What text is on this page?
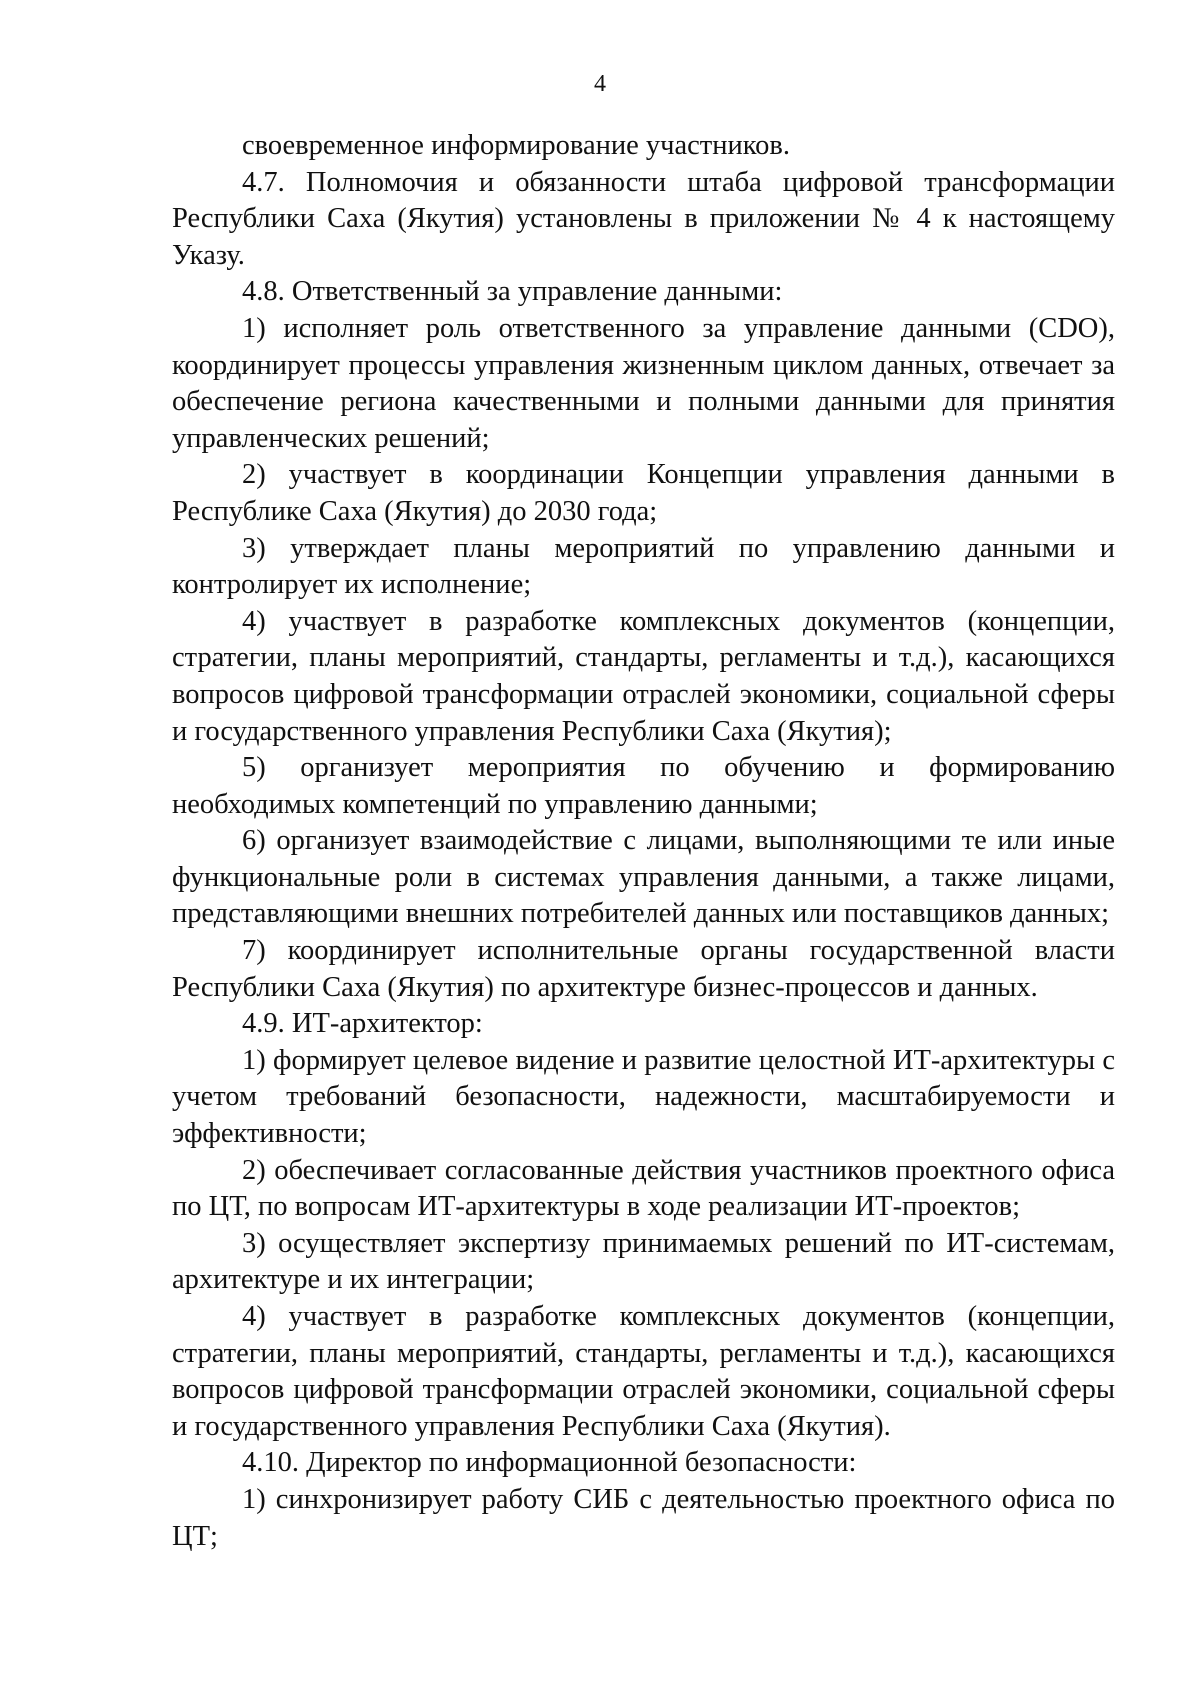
4

своевременное информирование участников.

4.7. Полномочия и обязанности штаба цифровой трансформации Республики Саха (Якутия) установлены в приложении № 4 к настоящему Указу.

4.8. Ответственный за управление данными:

1) исполняет роль ответственного за управление данными (CDO), координирует процессы управления жизненным циклом данных, отвечает за обеспечение региона качественными и полными данными для принятия управленческих решений;

2) участвует в координации Концепции управления данными в Республике Саха (Якутия) до 2030 года;

3) утверждает планы мероприятий по управлению данными и контролирует их исполнение;

4) участвует в разработке комплексных документов (концепции, стратегии, планы мероприятий, стандарты, регламенты и т.д.), касающихся вопросов цифровой трансформации отраслей экономики, социальной сферы и государственного управления Республики Саха (Якутия);

5) организует мероприятия по обучению и формированию необходимых компетенций по управлению данными;

6) организует взаимодействие с лицами, выполняющими те или иные функциональные роли в системах управления данными, а также лицами, представляющими внешних потребителей данных или поставщиков данных;

7) координирует исполнительные органы государственной власти Республики Саха (Якутия) по архитектуре бизнес-процессов и данных.

4.9. ИТ-архитектор:

1) формирует целевое видение и развитие целостной ИТ-архитектуры с учетом требований безопасности, надежности, масштабируемости и эффективности;

2) обеспечивает согласованные действия участников проектного офиса по ЦТ, по вопросам ИТ-архитектуры в ходе реализации ИТ-проектов;

3) осуществляет экспертизу принимаемых решений по ИТ-системам, архитектуре и их интеграции;

4) участвует в разработке комплексных документов (концепции, стратегии, планы мероприятий, стандарты, регламенты и т.д.), касающихся вопросов цифровой трансформации отраслей экономики, социальной сферы и государственного управления Республики Саха (Якутия).

4.10. Директор по информационной безопасности:

1) синхронизирует работу СИБ с деятельностью проектного офиса по ЦТ;
